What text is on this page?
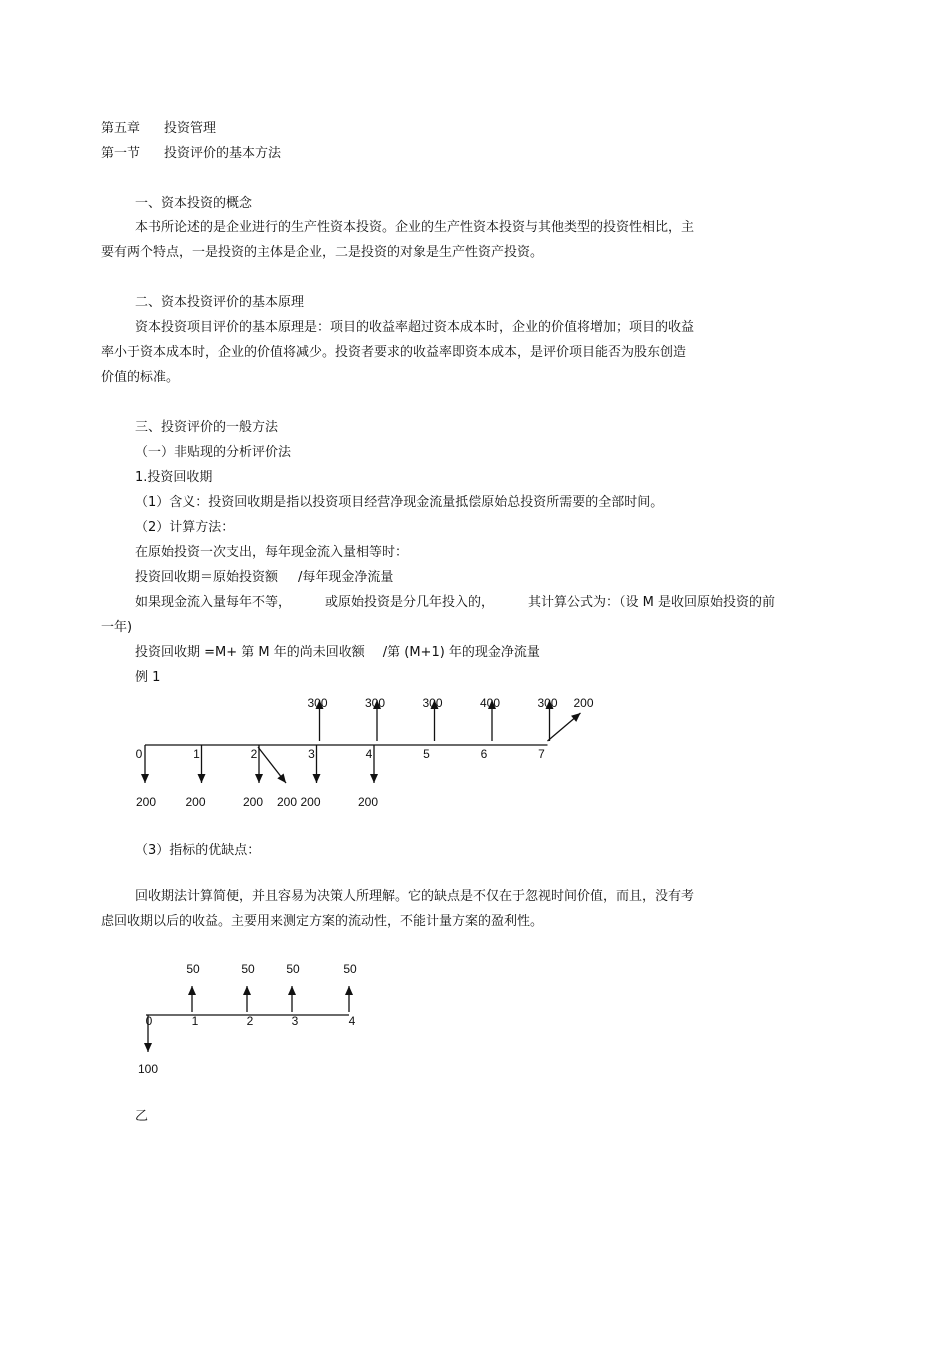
第五章 投资管理
第一节 投资评价的基本方法
一、资本投资的概念
本书所论述的是企业进行的生产性资本投资。企业的生产性资本投资与其他类型的投资性相比，主
要有两个特点，一是投资的主体是企业，二是投资的对象是生产性资产投资。
二、资本投资评价的基本原理
资本投资项目评价的基本原理是：项目的收益率超过资本成本时，企业的价值将增加；项目的收益
率小于资本成本时，企业的价值将减少。投资者要求的收益率即资本成本，是评价项目能否为股东创造
价值的标准。
三、投资评价的一般方法
（一）非贴现的分析评价法
1.投资回收期
（1）含义：投资回收期是指以投资项目经营净现金流量抵偿原始总投资所需要的全部时间。
（2）计算方法：
在原始投资一次支出，每年现金流入量相等时：
投资回收期＝原始投资额 /每年现金净流量
如果现金流入量每年不等，	或原始投资是分几年投入的，	其计算公式为：（设 M 是收回原始投资的前
一年)
投资回收期 =M+ 第 M 年的尚未回收额 /第 (M+1) 年的现金净流量
例 1
0	1	2	3	4	5	6	7
300	300	300	400	300 200
200 200	200	200	200
200
（3）指标的优缺点：
回收期法计算简便，并且容易为决策人所理解。它的缺点是不仅在于忽视时间价值，而且，没有考
虑回收期以后的收益。主要用来测定方案的流动性，不能计量方案的盈利性。
0	1	2	3	4
50	50	50	50
100
乙
